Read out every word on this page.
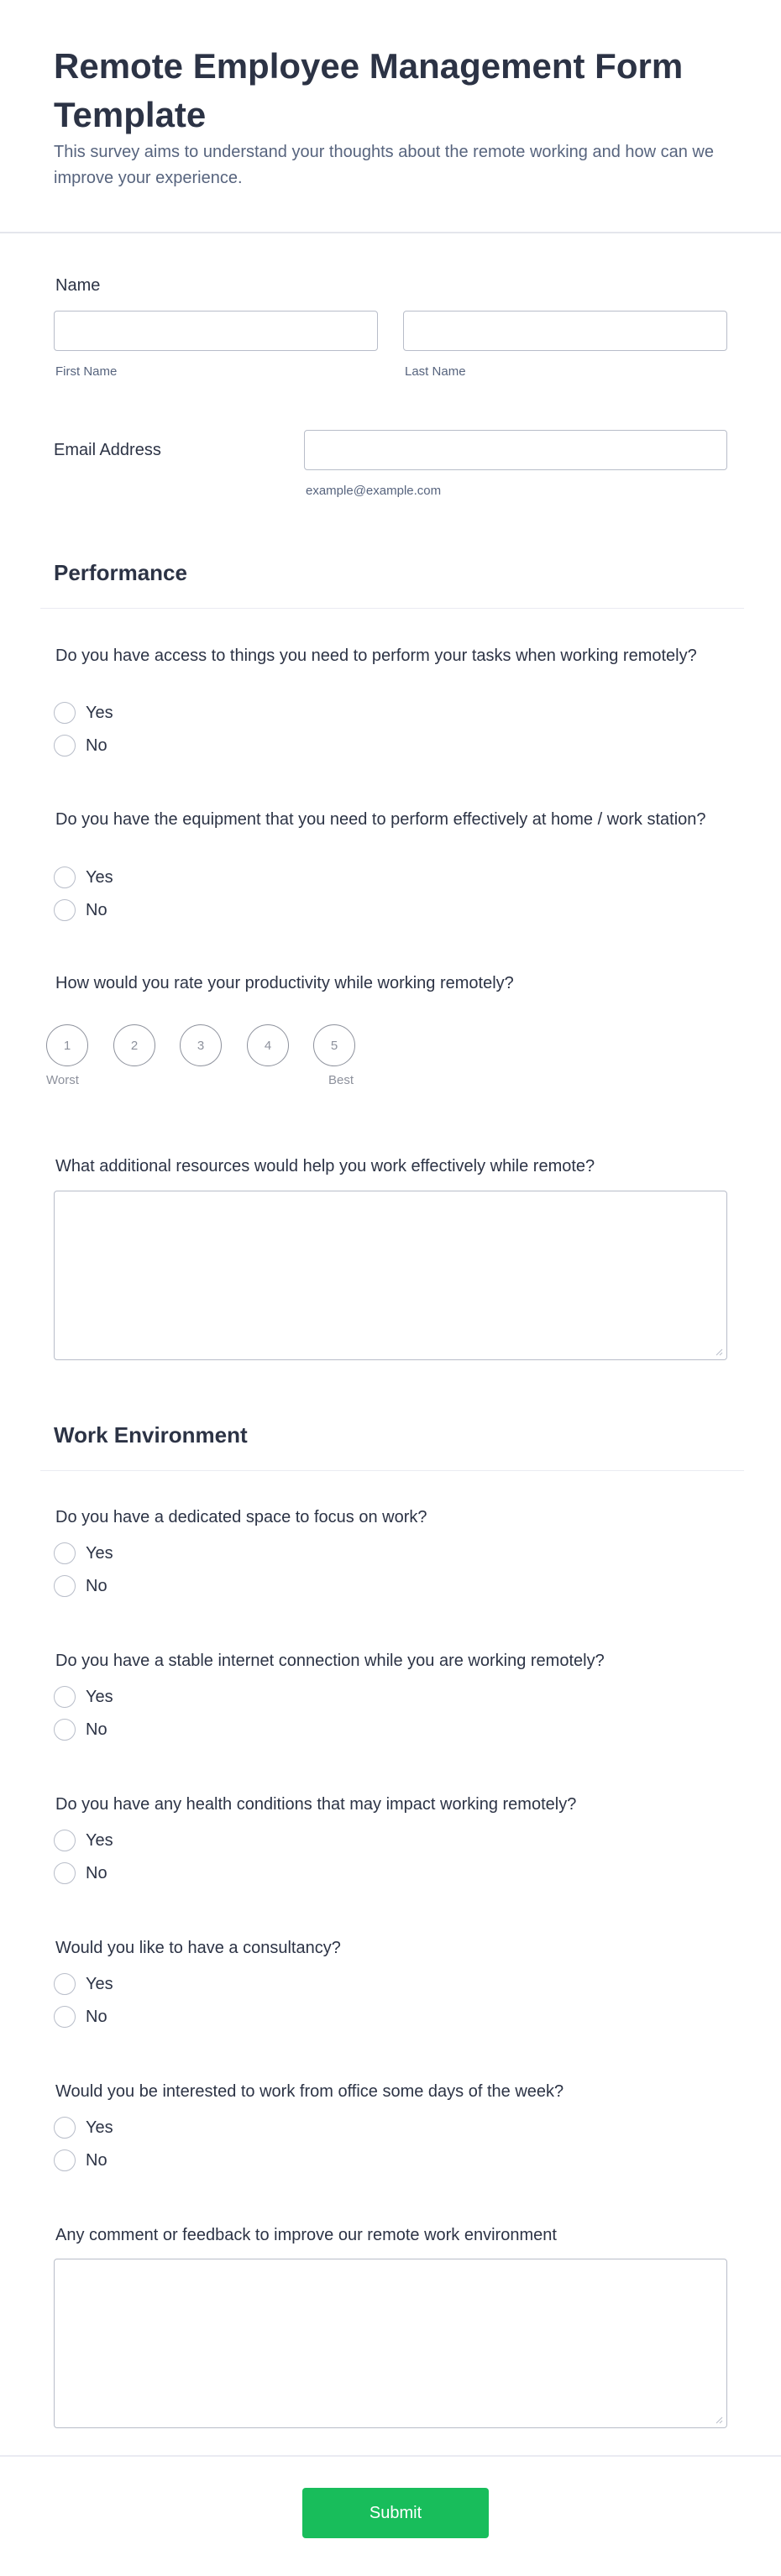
Remote Employee Management Form Template

This survey aims to understand your thoughts about the remote working and how can we improve your experience.

Name
First Name	Last Name
Email Address
example@example.com
Performance
Do you have access to things you need to perform your tasks when working remotely?
Yes
No
Do you have the equipment that you need to perform effectively at home / work station?
Yes
No
How would you rate your productivity while working remotely?
1	2	3	4	5
Worst	Best
What additional resources would help you work effectively while remote?
Work Environment
Do you have a dedicated space to focus on work?
Yes
No
Do you have a stable internet connection while you are working remotely?
Yes
No
Do you have any health conditions that may impact working remotely?
Yes
No
Would you like to have a consultancy?
Yes
No
Would you be interested to work from office some days of the week?
Yes
No
Any comment or feedback to improve our remote work environment
Submit
